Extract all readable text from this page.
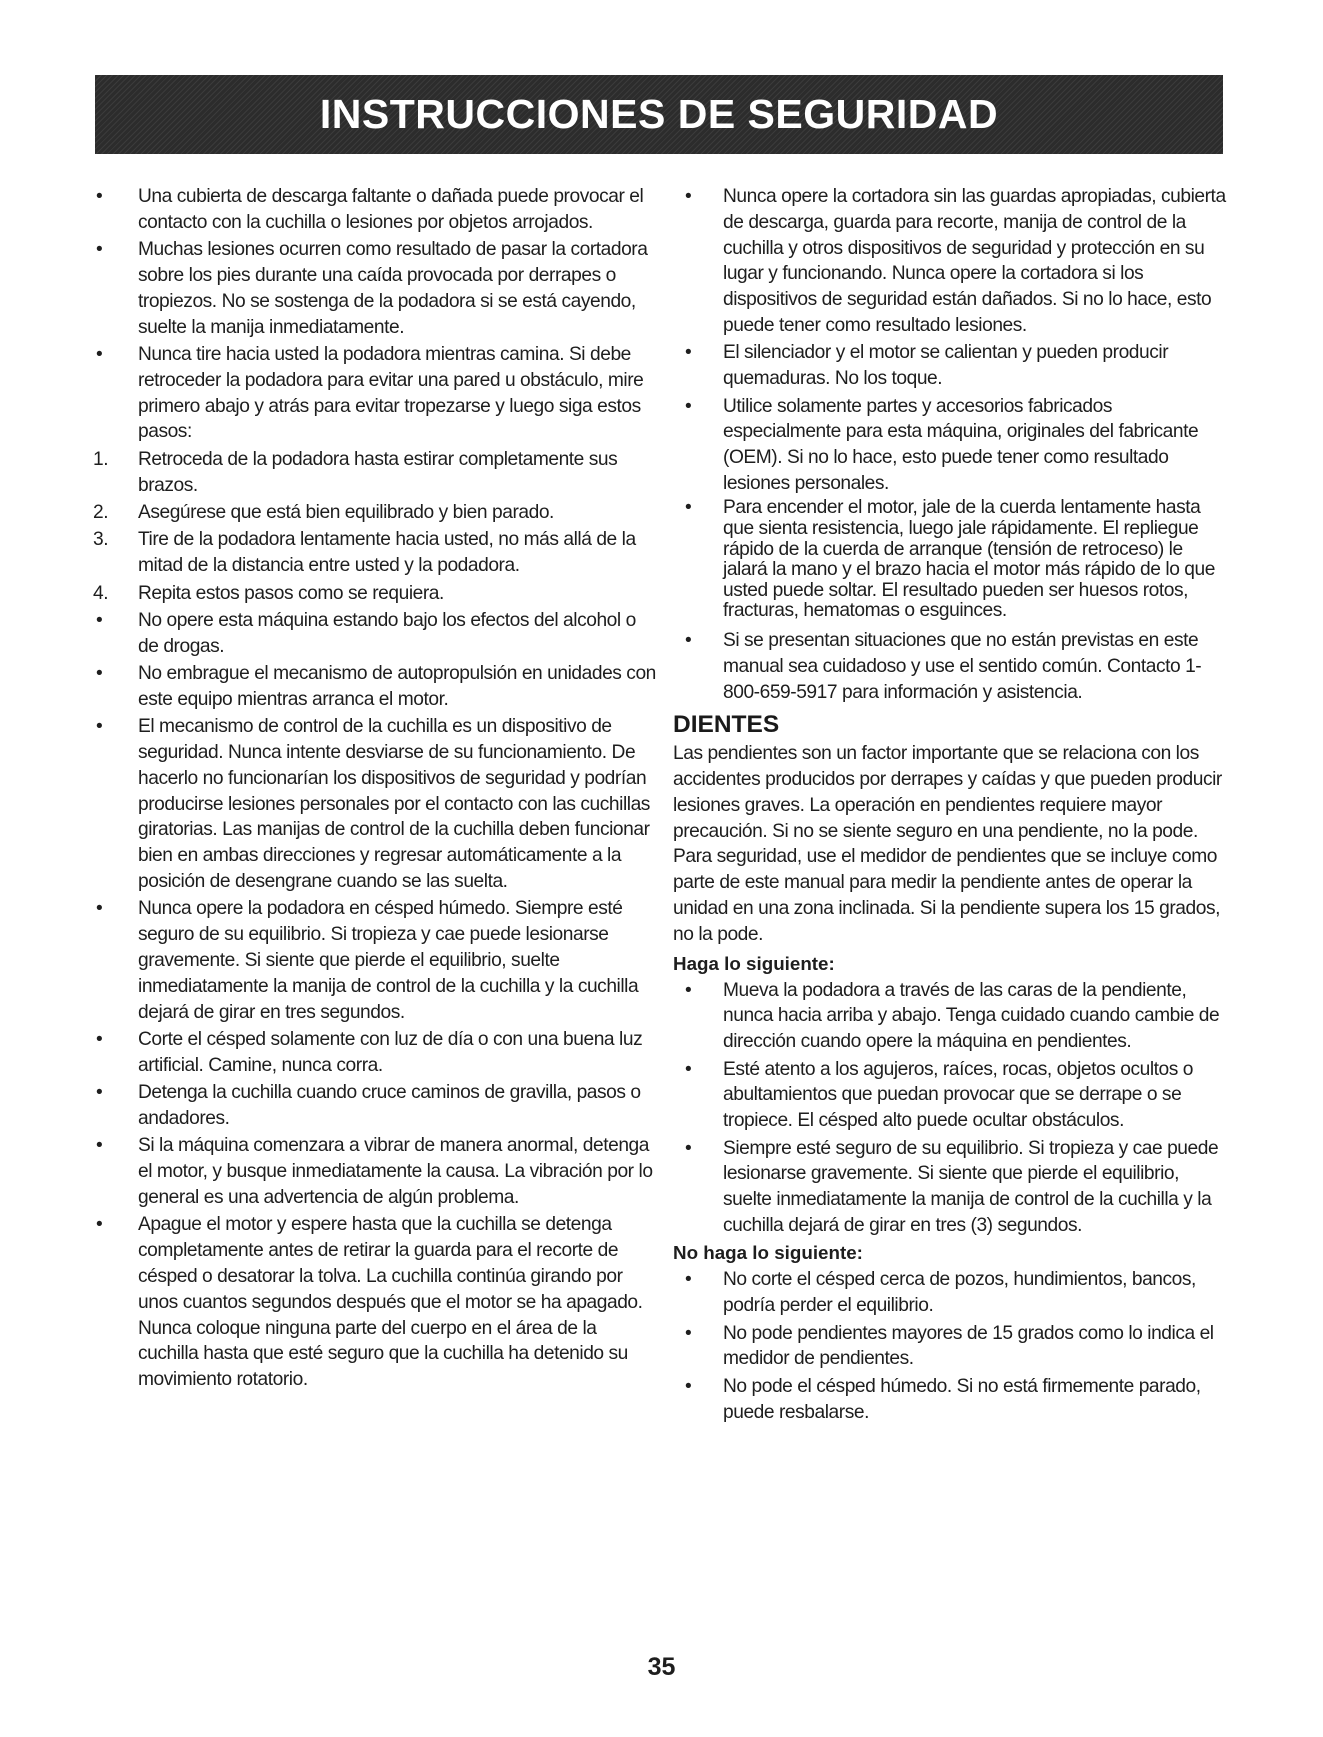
INSTRUCCIONES DE SEGURIDAD
•	Una cubierta de descarga faltante o dañada puede provocar el contacto con la cuchilla o lesiones por objetos arrojados.
•	Muchas lesiones ocurren como resultado de pasar la cortadora sobre los pies durante una caída provocada por derrapes o tropiezos. No se sostenga de la podadora si se está cayendo, suelte la manija inmediatamente.
•	Nunca tire hacia usted la podadora mientras camina. Si debe retroceder la podadora para evitar una pared u obstáculo, mire primero abajo y atrás para evitar tropezarse y luego siga estos pasos:
1.	Retroceda de la podadora hasta estirar completamente sus brazos.
2.	Asegúrese que está bien equilibrado y bien parado.
3.	Tire de la podadora lentamente hacia usted, no más allá de la mitad de la distancia entre usted y la podadora.
4.	Repita estos pasos como se requiera.
•	No opere esta máquina estando bajo los efectos del alcohol o de drogas.
•	No embrague el mecanismo de autopropulsión en unidades con este equipo mientras arranca el motor.
•	El mecanismo de control de la cuchilla es un dispositivo de seguridad. Nunca intente desviarse de su funcionamiento. De hacerlo no funcionarían los dispositivos de seguridad y podrían producirse lesiones personales por el contacto con las cuchillas giratorias. Las manijas de control de la cuchilla deben funcionar bien en ambas direcciones y regresar automáticamente a la posición de desengrane cuando se las suelta.
•	Nunca opere la podadora en césped húmedo. Siempre esté seguro de su equilibrio. Si tropieza y cae puede lesionarse gravemente. Si siente que pierde el equilibrio, suelte inmediatamente la manija de control de la cuchilla y la cuchilla dejará de girar en tres segundos.
•	Corte el césped solamente con luz de día o con una buena luz artificial. Camine, nunca corra.
•	Detenga la cuchilla cuando cruce caminos de gravilla, pasos o andadores.
•	Si la máquina comenzara a vibrar de manera anormal, detenga el motor, y busque inmediatamente la causa. La vibración por lo general es una advertencia de algún problema.
•	Apague el motor y espere hasta que la cuchilla se detenga completamente antes de retirar la guarda para el recorte de césped o desatorar la tolva. La cuchilla continúa girando por unos cuantos segundos después que el motor se ha apagado. Nunca coloque ninguna parte del cuerpo en el área de la cuchilla hasta que esté seguro que la cuchilla ha detenido su movimiento rotatorio.
•	Nunca opere la cortadora sin las guardas apropiadas, cubierta de descarga, guarda para recorte, manija de control de la cuchilla y otros dispositivos de seguridad y protección en su lugar y funcionando. Nunca opere la cortadora si los dispositivos de seguridad están dañados. Si no lo hace, esto puede tener como resultado lesiones.
•	El silenciador y el motor se calientan y pueden producir quemaduras. No los toque.
•	Utilice solamente partes y accesorios fabricados especialmente para esta máquina, originales del fabricante (OEM). Si no lo hace, esto puede tener como resultado lesiones personales.
•	Para encender el motor, jale de la cuerda lentamente hasta que sienta resistencia, luego jale rápidamente. El repliegue rápido de la cuerda de arranque (tensión de retroceso) le jalará la mano y el brazo hacia el motor más rápido de lo que usted puede soltar. El resultado pueden ser huesos rotos, fracturas, hematomas o esguinces.
•	Si se presentan situaciones que no están previstas en este manual sea cuidadoso y use el sentido común. Contacto 1-800-659-5917 para información y asistencia.
DIENTES
Las pendientes son un factor importante que se relaciona con los accidentes producidos por derrapes y caídas y que pueden producir lesiones graves. La operación en pendientes requiere mayor precaución. Si no se siente seguro en una pendiente, no la pode. Para seguridad, use el medidor de pendientes que se incluye como parte de este manual para medir la pendiente antes de operar la unidad en una zona inclinada. Si la pendiente supera los 15 grados, no la pode.
Haga lo siguiente:
•	Mueva la podadora a través de las caras de la pendiente, nunca hacia arriba y abajo. Tenga cuidado cuando cambie de dirección cuando opere la máquina en pendientes.
•	Esté atento a los agujeros, raíces, rocas, objetos ocultos o abultamientos que puedan provocar que se derrape o se tropiece. El césped alto puede ocultar obstáculos.
•	Siempre esté seguro de su equilibrio. Si tropieza y cae puede lesionarse gravemente. Si siente que pierde el equilibrio, suelte inmediatamente la manija de control de la cuchilla y la cuchilla dejará de girar en tres (3) segundos.
No haga lo siguiente:
•	No corte el césped cerca de pozos, hundimientos, bancos, podría perder el equilibrio.
•	No pode pendientes mayores de 15 grados como lo indica el medidor de pendientes.
•	No pode el césped húmedo. Si no está firmemente parado, puede resbalarse.
35
